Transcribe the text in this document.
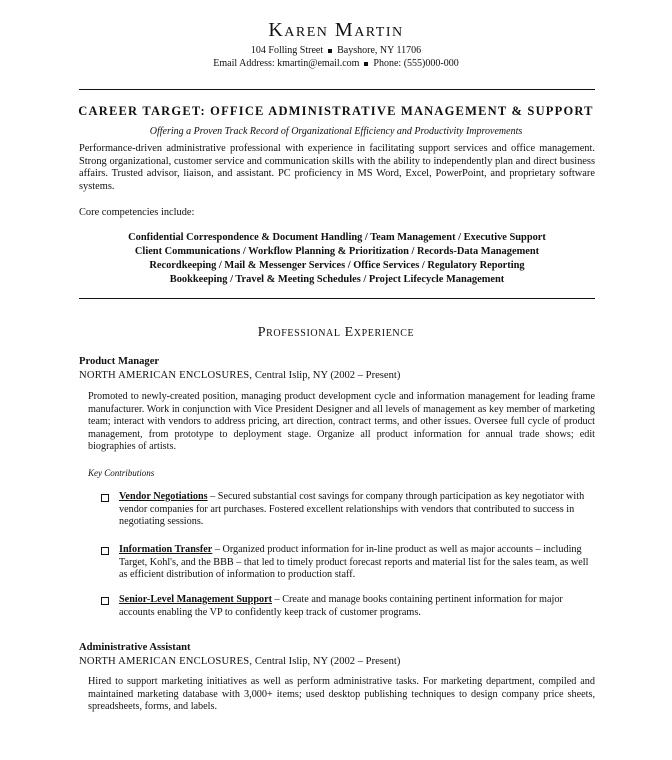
Karen Martin
104 Folling Street Bayshore, NY 11706
Email Address: kmartin@email.com Phone: (555)000-000
CAREER TARGET: OFFICE ADMINISTRATIVE MANAGEMENT & SUPPORT
Offering a Proven Track Record of Organizational Efficiency and Productivity Improvements
Performance-driven administrative professional with experience in facilitating support services and office management. Strong organizational, customer service and communication skills with the ability to independently plan and direct business affairs. Trusted advisor, liaison, and assistant. PC proficiency in MS Word, Excel, PowerPoint, and proprietary software systems.
Core competencies include:
Confidential Correspondence & Document Handling / Team Management / Executive Support
Client Communications / Workflow Planning & Prioritization / Records-Data Management
Recordkeeping / Mail & Messenger Services / Office Services / Regulatory Reporting
Bookkeeping / Travel & Meeting Schedules / Project Lifecycle Management
Professional Experience
Product Manager
NORTH AMERICAN ENCLOSURES, Central Islip, NY (2002 – Present)
Promoted to newly-created position, managing product development cycle and information management for leading frame manufacturer. Work in conjunction with Vice President Designer and all levels of management as key member of marketing team; interact with vendors to address pricing, art direction, contract terms, and other issues. Oversee full cycle of product management, from prototype to deployment stage. Organize all product information for annual trade shows; edit biographies of artists.
Key Contributions
Vendor Negotiations – Secured substantial cost savings for company through participation as key negotiator with vendor companies for art purchases. Fostered excellent relationships with vendors that contributed to success in negotiating sessions.
Information Transfer – Organized product information for in-line product as well as major accounts – including Target, Kohl's, and the BBB – that led to timely product forecast reports and material list for the sales team, as well as efficient distribution of information to production staff.
Senior-Level Management Support – Create and manage books containing pertinent information for major accounts enabling the VP to confidently keep track of customer programs.
Administrative Assistant
NORTH AMERICAN ENCLOSURES, Central Islip, NY (2002 – Present)
Hired to support marketing initiatives as well as perform administrative tasks. For marketing department, compiled and maintained marketing database with 3,000+ items; used desktop publishing techniques to design company price sheets, spreadsheets, forms, and labels.
